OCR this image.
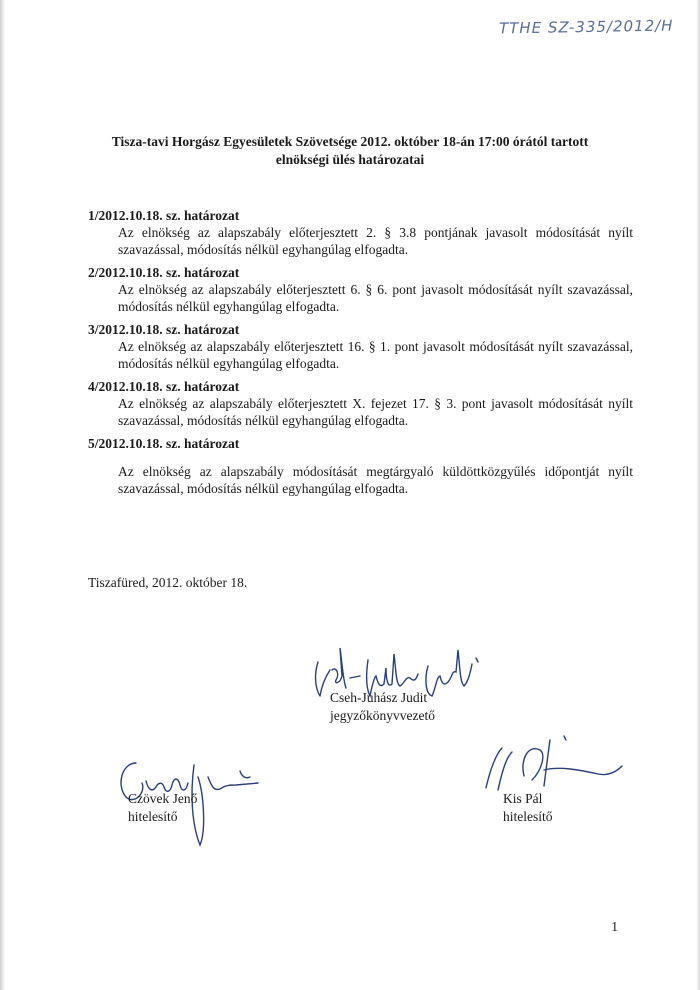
TTHE SZ-335/2012/H
Tisza-tavi Horgász Egyesületek Szövetsége 2012. október 18-án 17:00 órától tartott
elnökségi ülés határozatai
1/2012.10.18. sz. határozat
Az elnökség az alapszabály előterjesztett 2. § 3.8 pontjának javasolt módosítását nyílt szavazással, módosítás nélkül egyhangúlag elfogadta.
2/2012.10.18. sz. határozat
Az elnökség az alapszabály előterjesztett 6. § 6. pont javasolt módosítását nyílt szavazással, módosítás nélkül egyhangúlag elfogadta.
3/2012.10.18. sz. határozat
Az elnökség az alapszabály előterjesztett 16. § 1. pont javasolt módosítását nyílt szavazással, módosítás nélkül egyhangúlag elfogadta.
4/2012.10.18. sz. határozat
Az elnökség az alapszabály előterjesztett X. fejezet 17. § 3. pont javasolt módosítását nyílt szavazással, módosítás nélkül egyhangúlag elfogadta.
5/2012.10.18. sz. határozat
Az elnökség az alapszabály módosítását megtárgyaló küldöttközgyűlés időpontját nyílt szavazással, módosítás nélkül egyhangúlag elfogadta.
Tiszafüred, 2012. október 18.
Cseh-Juhász Judit
jegyzőkönyvvezető
Czövek Jenő
hitelesítő
Kis Pál
hitelesítő
1
